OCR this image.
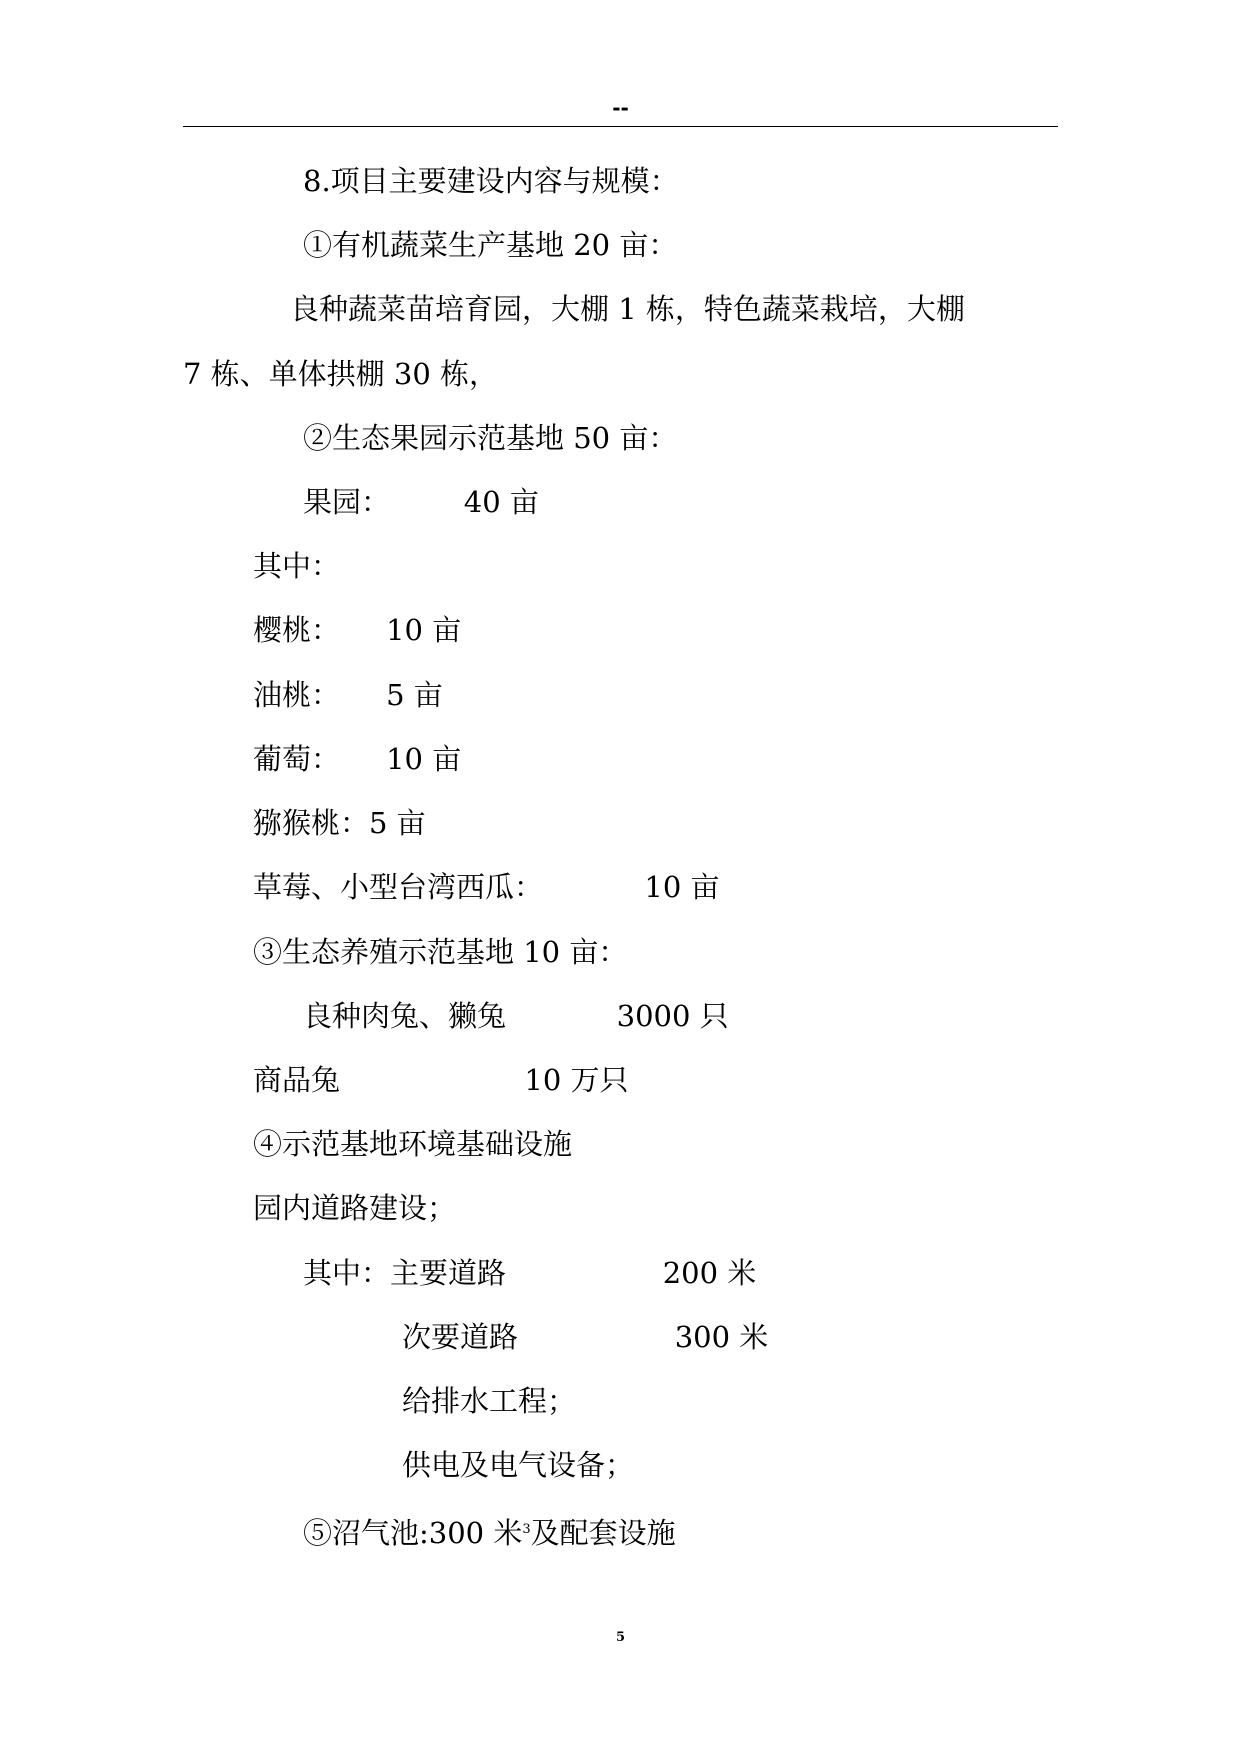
--
8.项目主要建设内容与规模：
①有机蔬菜生产基地 20 亩：
良种蔬菜苗培育园，大棚 1 栋，特色蔬菜栽培，大棚
7 栋、单体拱棚 30 栋，
②生态果园示范基地 50 亩：
果园：        40 亩
其中：
樱桃：     10 亩
油桃：     5 亩
葡萄：     10 亩
猕猴桃：5 亩
草莓、小型台湾西瓜：           10 亩
③生态养殖示范基地 10 亩：
良种肉兔、獭兔            3000 只
商品兔                    10 万只
④示范基地环境基础设施
园内道路建设；
其中：主要道路                 200 米
次要道路                 300 米
给排水工程；
供电及电气设备；
⑤沼气池:300 米$^3$及配套设施
5
